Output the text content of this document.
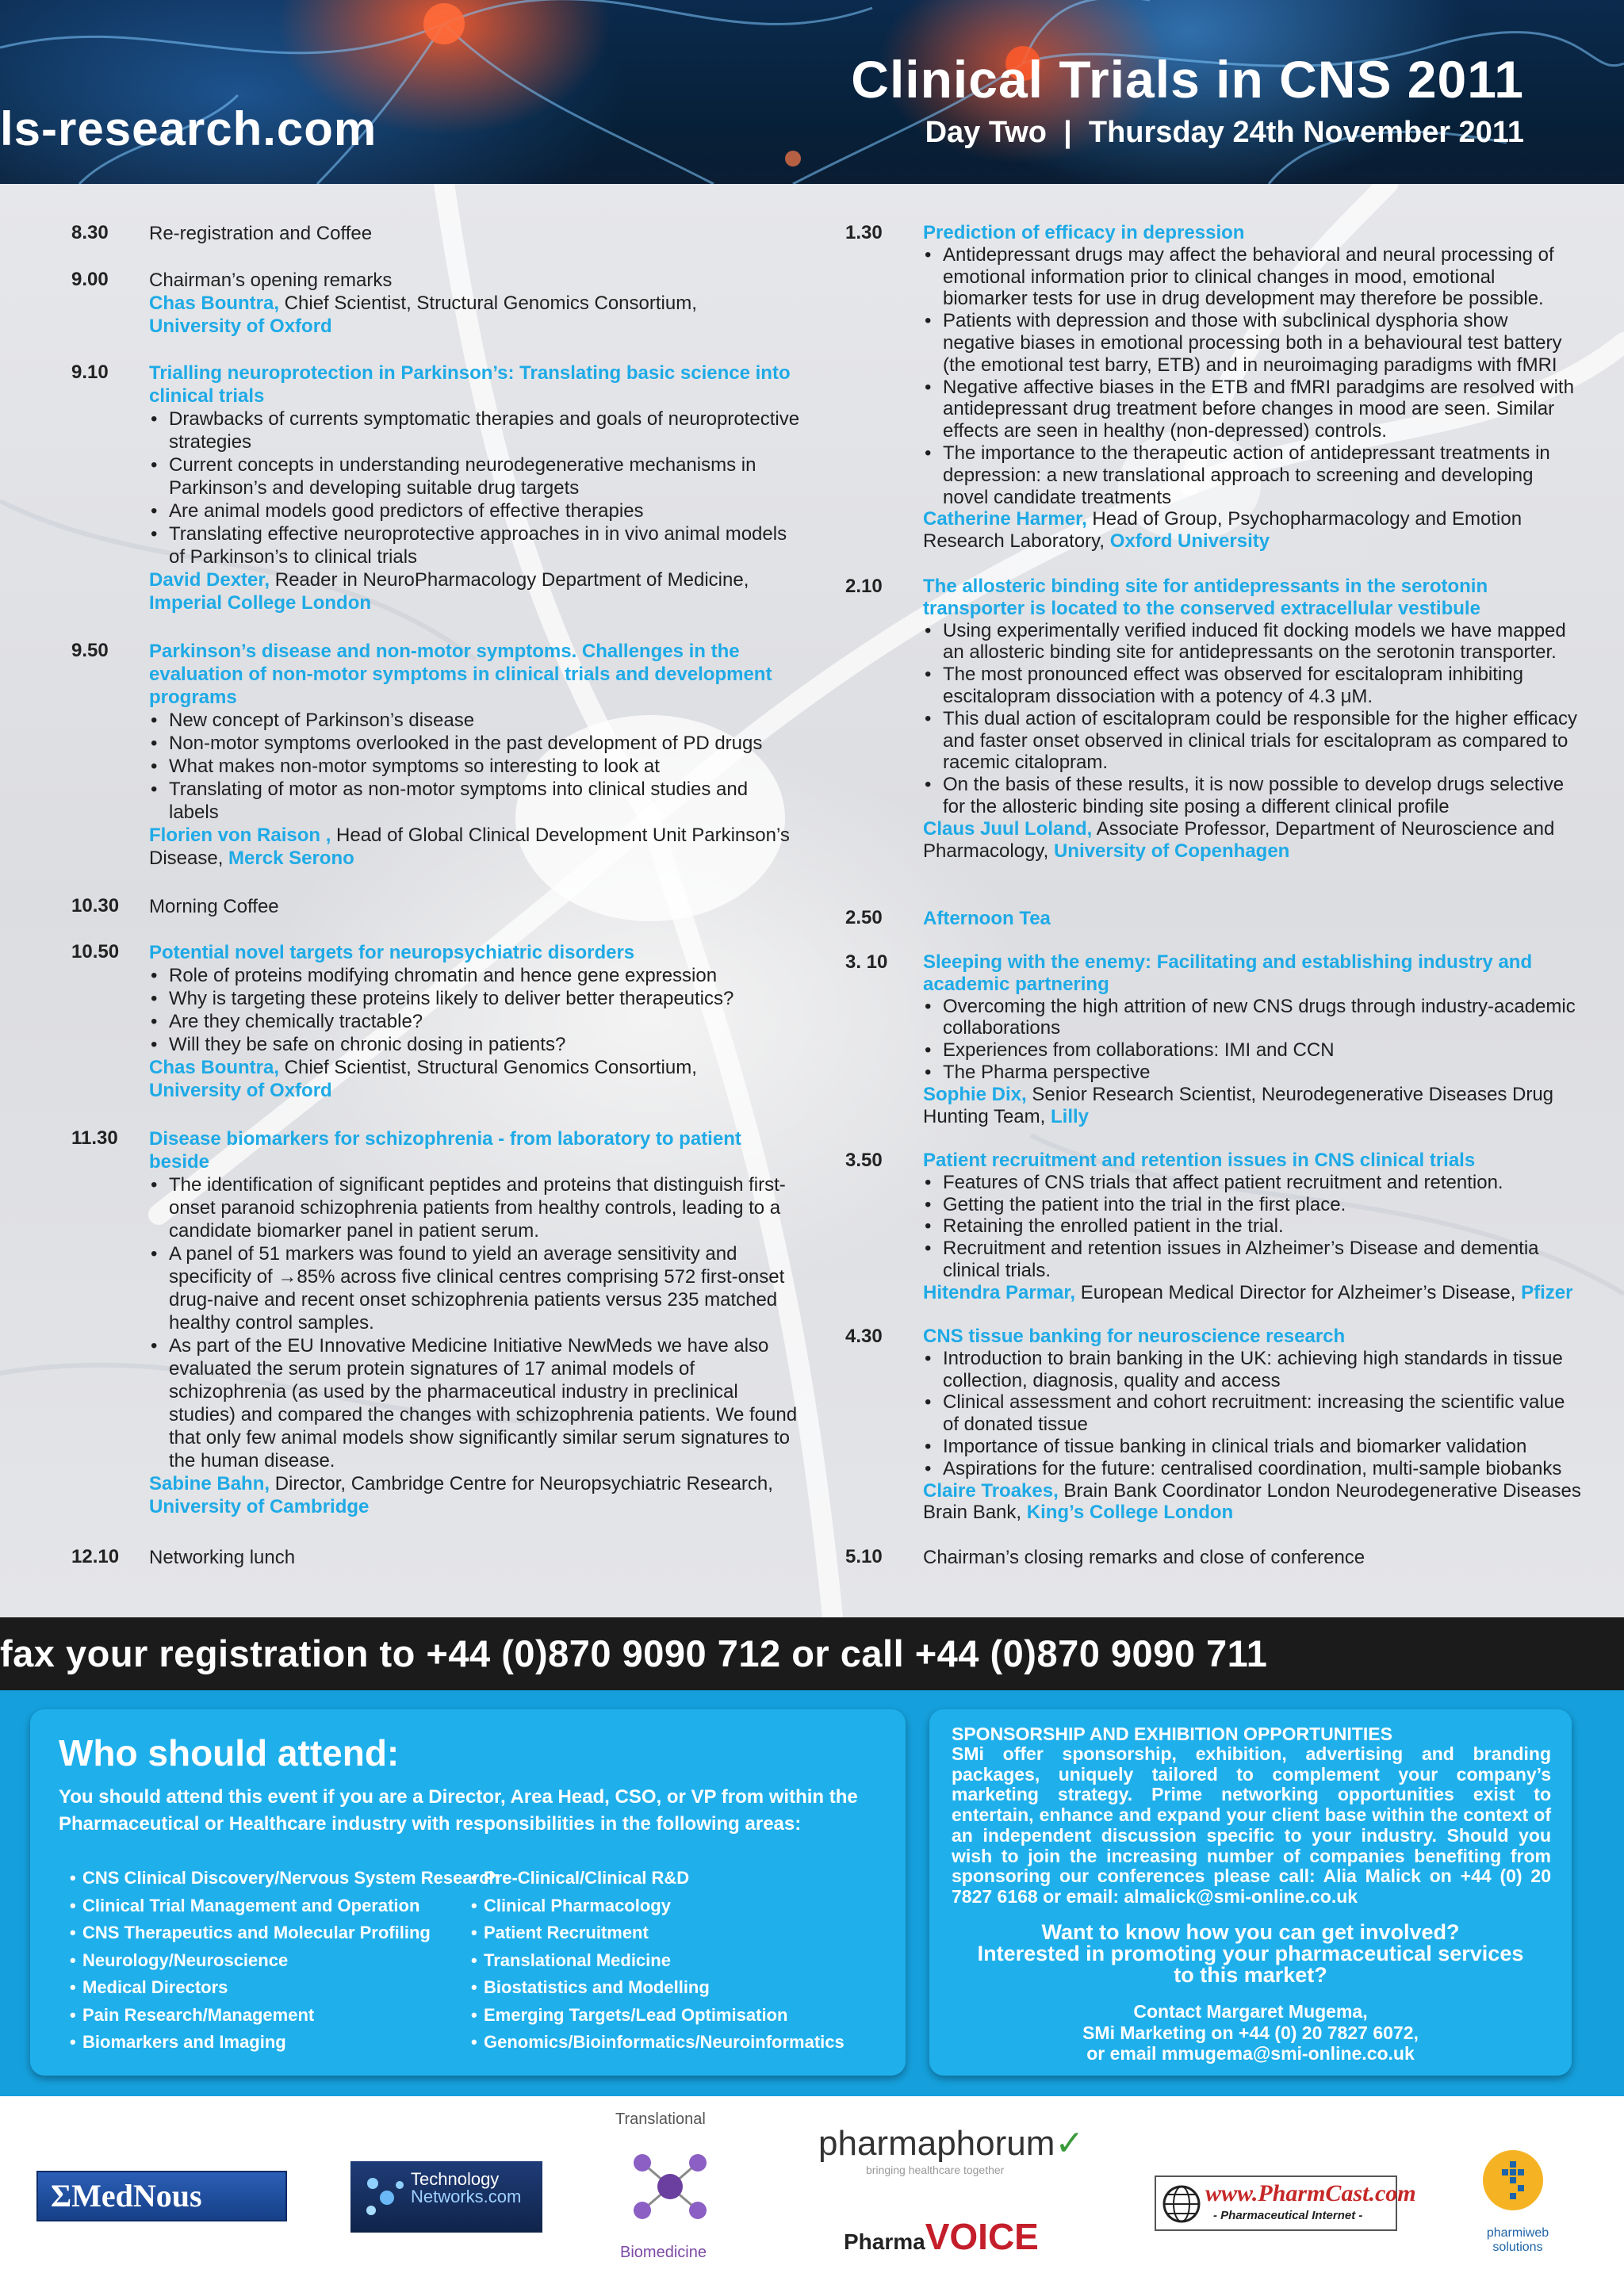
ls-research.com
Clinical Trials in CNS 2011
Day Two  |  Thursday 24th November 2011
8.30	Re-registration and Coffee
9.00	Chairman’s opening remarks
Chas Bountra, Chief Scientist, Structural Genomics Consortium,
University of Oxford
9.10	Trialling neuroprotection in Parkinson’s: Translating basic science into clinical trials
• Drawbacks of currents symptomatic therapies and goals of neuroprotective strategies
• Current concepts in understanding neurodegenerative mechanisms in Parkinson’s and developing suitable drug targets
• Are animal models good predictors of effective therapies
• Translating effective neuroprotective approaches in in vivo animal models of Parkinson’s to clinical trials
David Dexter, Reader in NeuroPharmacology Department of Medicine,
Imperial College London
9.50	Parkinson’s disease and non-motor symptoms. Challenges in the evaluation of non-motor symptoms in clinical trials and development programs
• New concept of Parkinson’s disease
• Non-motor symptoms overlooked in the past development of PD drugs
• What makes non-motor symptoms so interesting to look at
• Translating of motor as non-motor symptoms into clinical studies and labels
Florien von Raison , Head of Global Clinical Development Unit Parkinson’s Disease, Merck Serono
10.30	Morning Coffee
10.50	Potential novel targets for neuropsychiatric disorders
• Role of proteins modifying chromatin and hence gene expression
• Why is targeting these proteins likely to deliver better therapeutics?
• Are they chemically tractable?
• Will they be safe on chronic dosing in patients?
Chas Bountra, Chief Scientist, Structural Genomics Consortium,
University of Oxford
11.30	Disease biomarkers for schizophrenia - from laboratory to patient beside
• The identification of significant peptides and proteins that distinguish first-onset paranoid schizophrenia patients from healthy controls, leading to a candidate biomarker panel in patient serum.
• A panel of 51 markers was found to yield an average sensitivity and specificity of →85% across five clinical centres comprising 572 first-onset drug-naive and recent onset schizophrenia patients versus 235 matched healthy control samples.
• As part of the EU Innovative Medicine Initiative NewMeds we have also evaluated the serum protein signatures of 17 animal models of schizophrenia (as used by the pharmaceutical industry in preclinical studies) and compared the changes with schizophrenia patients. We found that only few animal models show significantly similar serum signatures to the human disease.
Sabine Bahn, Director, Cambridge Centre for Neuropsychiatric Research,
University of Cambridge
12.10	Networking lunch
1.30	Prediction of efficacy in depression
• Antidepressant drugs may affect the behavioral and neural processing of emotional information prior to clinical changes in mood, emotional biomarker tests for use in drug development may therefore be possible.
• Patients with depression and those with subclinical dysphoria show negative biases in emotional processing both in a behavioural test battery (the emotional test barry, ETB) and in neuroimaging paradigms with fMRI
• Negative affective biases in the ETB and fMRI paradgims are resolved with antidepressant drug treatment before changes in mood are seen. Similar effects are seen in healthy (non-depressed) controls.
• The importance to the therapeutic action of antidepressant treatments in depression: a new translational approach to screening and developing novel candidate treatments
Catherine Harmer, Head of Group, Psychopharmacology and Emotion Research Laboratory, Oxford University
2.10	The allosteric binding site for antidepressants in the serotonin transporter is located to the conserved extracellular vestibule
• Using experimentally verified induced fit docking models we have mapped an allosteric binding site for antidepressants on the serotonin transporter.
• The most pronounced effect was observed for escitalopram inhibiting escitalopram dissociation with a potency of 4.3 μM.
• This dual action of escitalopram could be responsible for the higher efficacy and faster onset observed in clinical trials for escitalopram as compared to racemic citalopram.
• On the basis of these results, it is now possible to develop drugs selective for the allosteric binding site posing a different clinical profile
Claus Juul Loland, Associate Professor, Department of Neuroscience and Pharmacology, University of Copenhagen
2.50	Afternoon Tea
3. 10	Sleeping with the enemy: Facilitating and establishing industry and academic partnering
• Overcoming the high attrition of new CNS drugs through industry-academic collaborations
• Experiences from collaborations: IMI and CCN
• The Pharma perspective
Sophie Dix, Senior Research Scientist, Neurodegenerative Diseases Drug Hunting Team, Lilly
3.50	Patient recruitment and retention issues in CNS clinical trials
• Features of CNS trials that affect patient recruitment and retention.
• Getting the patient into the trial in the first place.
• Retaining the enrolled patient in the trial.
• Recruitment and retention issues in Alzheimer’s Disease and dementia clinical trials.
Hitendra Parmar, European Medical Director for Alzheimer’s Disease, Pfizer
4.30	CNS tissue banking for neuroscience research
• Introduction to brain banking in the UK: achieving high standards in tissue collection, diagnosis, quality and access
• Clinical assessment and cohort recruitment: increasing the scientific value of donated tissue
• Importance of tissue banking in clinical trials and biomarker validation
• Aspirations for the future: centralised coordination, multi-sample biobanks
Claire Troakes, Brain Bank Coordinator London Neurodegenerative Diseases Brain Bank, King’s College London
5.10	Chairman’s closing remarks and close of conference
fax your registration to +44 (0)870 9090 712 or call +44 (0)870 9090 711
Who should attend:
You should attend this event if you are a Director, Area Head, CSO, or VP from within the Pharmaceutical or Healthcare industry with responsibilities in the following areas:
• CNS Clinical Discovery/Nervous System Research
• Clinical Trial Management and Operation
• CNS Therapeutics and Molecular Profiling
• Neurology/Neuroscience
• Medical Directors
• Pain Research/Management
• Biomarkers and Imaging
• Pre-Clinical/Clinical R&D
• Clinical Pharmacology
• Patient Recruitment
• Translational Medicine
• Biostatistics and Modelling
• Emerging Targets/Lead Optimisation
• Genomics/Bioinformatics/Neuroinformatics
SPONSORSHIP AND EXHIBITION OPPORTUNITIES
SMi offer sponsorship, exhibition, advertising and branding packages, uniquely tailored to complement your company’s marketing strategy. Prime networking opportunities exist to entertain, enhance and expand your client base within the context of an independent discussion specific to your industry. Should you wish to join the increasing number of companies benefiting from sponsoring our conferences please call: Alia Malick on +44 (0) 20 7827 6168 or email: almalick@smi-online.co.uk
Want to know how you can get involved?
Interested in promoting your pharmaceutical services
to this market?
Contact Margaret Mugema,
SMi Marketing on +44 (0) 20 7827 6072,
or email mmugema@smi-online.co.uk
ΣMedNous	Technology
Networks.com
Translational
Biomedicine
pharmaphorum✓
bringing healthcare together
PharmaVOICE
www.PharmCast.com
- Pharmaceutical Internet -
pharmiweb
solutions
